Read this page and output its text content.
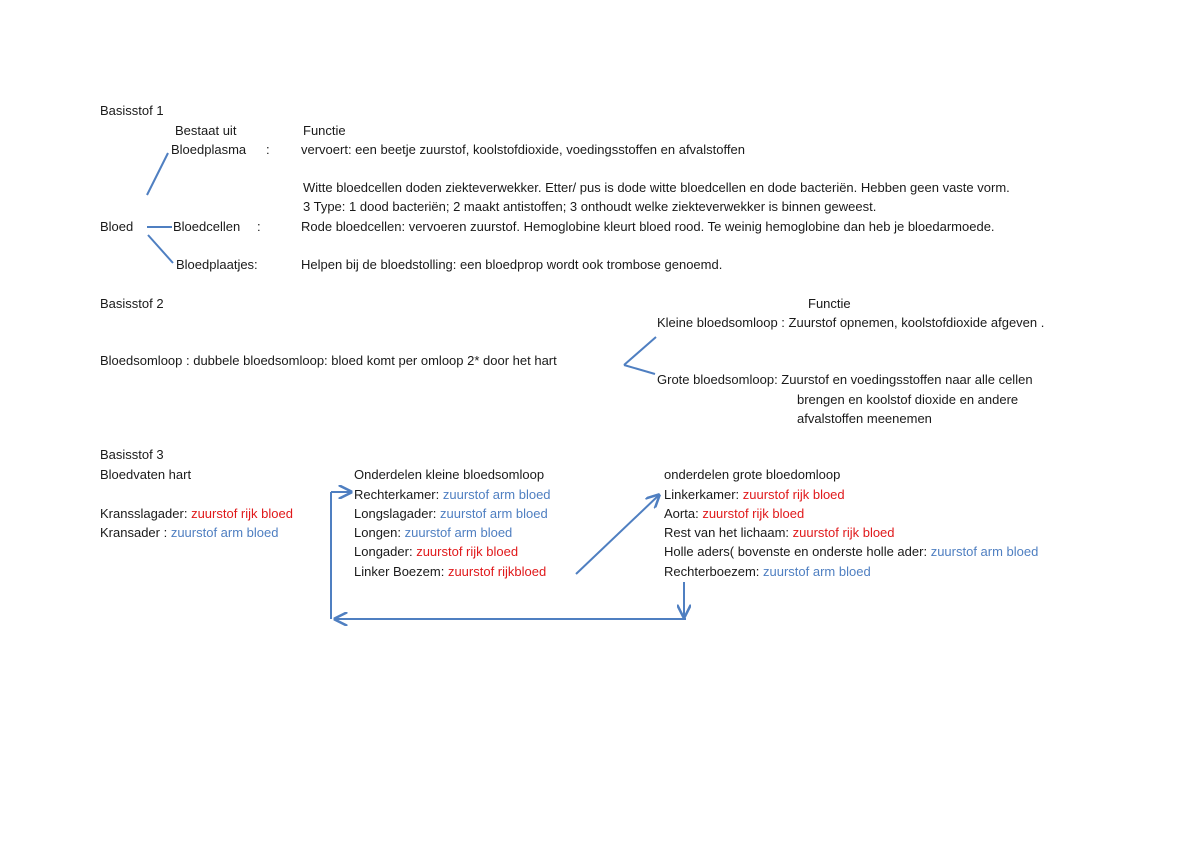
Basisstof 1
Bestaat uit	Functie
Bloedplasma : vervoert: een beetje zuurstof, koolstofdioxide, voedingsstoffen en afvalstoffen
Witte bloedcellen doden ziekteverwekker. Etter/ pus is dode witte bloedcellen en dode bacteriën. Hebben geen vaste vorm.
3 Type: 1 dood bacteriën; 2 maakt antistoffen; 3 onthoudt welke ziekteverwekker is binnen geweest.
Bloed	Bloedcellen :	Rode bloedcellen: vervoeren zuurstof. Hemoglobine kleurt bloed rood. Te weinig hemoglobine dan heb je bloedarmoede.
Bloedplaatjes:	Helpen bij de bloedstolling: een bloedprop wordt ook trombose genoemd.
Basisstof 2	Functie
Kleine bloedsomloop : Zuurstof opnemen, koolstofdioxide afgeven .
Bloedsomloop : dubbele bloedsomloop: bloed komt per omloop 2* door het hart
Grote bloedsomloop: Zuurstof en voedingsstoffen naar alle cellen
brengen en koolstof dioxide en andere
afvalstoffen meenemen
Basisstof 3
Bloedvaten hart
Kransslagader: zuurstof rijk bloed
Kransader : zuurstof arm bloed
Onderdelen kleine bloedsomloop
Rechterkamer: zuurstof arm bloed
Longslagader: zuurstof arm bloed
Longen: zuurstof arm bloed
Longader: zuurstof rijk bloed
Linker Boezem: zuurstof rijkbloed
onderdelen grote bloedomloop
Linkerkamer: zuurstof rijk bloed
Aorta: zuurstof rijk bloed
Rest van het lichaam: zuurstof rijk bloed
Holle aders( bovenste en onderste holle ader: zuurstof arm bloed
Rechterboezem: zuurstof arm bloed
